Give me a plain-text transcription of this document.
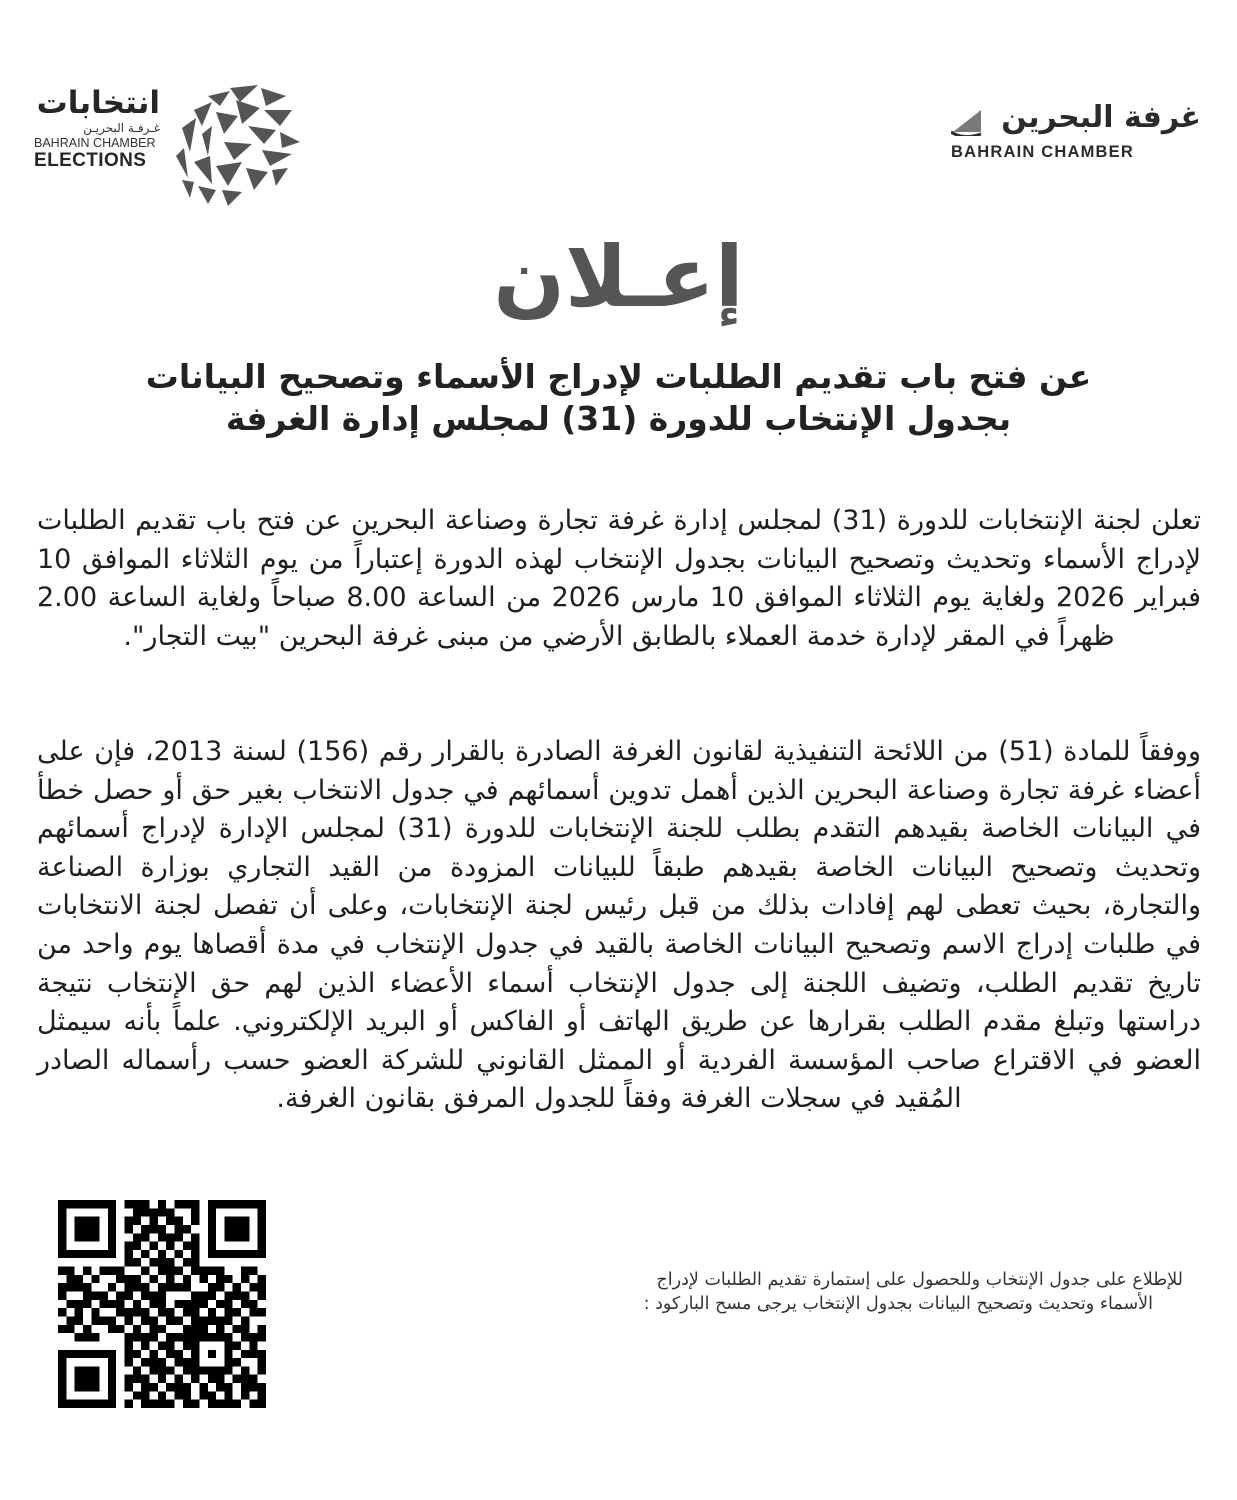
انتخابات
غـرفـة البحريـن
BAHRAIN CHAMBER
ELECTIONS
غرفة البحرين
BAHRAIN CHAMBER
إعـلان
عن فتح باب تقديم الطلبات لإدراج الأسماء وتصحيح البيانات
بجدول الإنتخاب للدورة (31) لمجلس إدارة الغرفة

تعلن لجنة الإنتخابات للدورة (31) لمجلس إدارة غرفة تجارة وصناعة البحرين عن فتح باب تقديم الطلبات لإدراج الأسماء وتحديث وتصحيح البيانات بجدول الإنتخاب لهذه الدورة إعتباراً من يوم الثلاثاء الموافق 10 فبراير 2026 ولغاية يوم الثلاثاء الموافق 10 مارس 2026 من الساعة 8.00 صباحاً ولغاية الساعة 2.00 ظهراً في المقر لإدارة خدمة العملاء بالطابق الأرضي من مبنى غرفة البحرين "بيت التجار".

ووفقاً للمادة (51) من اللائحة التنفيذية لقانون الغرفة الصادرة بالقرار رقم (156) لسنة 2013، فإن على أعضاء غرفة تجارة وصناعة البحرين الذين أهمل تدوين أسمائهم في جدول الانتخاب بغير حق أو حصل خطأ في البيانات الخاصة بقيدهم التقدم بطلب للجنة الإنتخابات للدورة (31) لمجلس الإدارة لإدراج أسمائهم وتحديث وتصحيح البيانات الخاصة بقيدهم طبقاً للبيانات المزودة من القيد التجاري بوزارة الصناعة والتجارة، بحيث تعطى لهم إفادات بذلك من قبل رئيس لجنة الإنتخابات، وعلى أن تفصل لجنة الانتخابات في طلبات إدراج الاسم وتصحيح البيانات الخاصة بالقيد في جدول الإنتخاب في مدة أقصاها يوم واحد من تاريخ تقديم الطلب، وتضيف اللجنة إلى جدول الإنتخاب أسماء الأعضاء الذين لهم حق الإنتخاب نتيجة دراستها وتبلغ مقدم الطلب بقرارها عن طريق الهاتف أو الفاكس أو البريد الإلكتروني. علماً بأنه سيمثل العضو في الاقتراع صاحب المؤسسة الفردية أو الممثل القانوني للشركة العضو حسب رأسماله الصادر المُقيد في سجلات الغرفة وفقاً للجدول المرفق بقانون الغرفة.

للإطلاع على جدول الإنتخاب وللحصول على إستمارة تقديم الطلبات لإدراج
الأسماء وتحديث وتصحيح البيانات بجدول الإنتخاب يرجى مسح الباركود :
